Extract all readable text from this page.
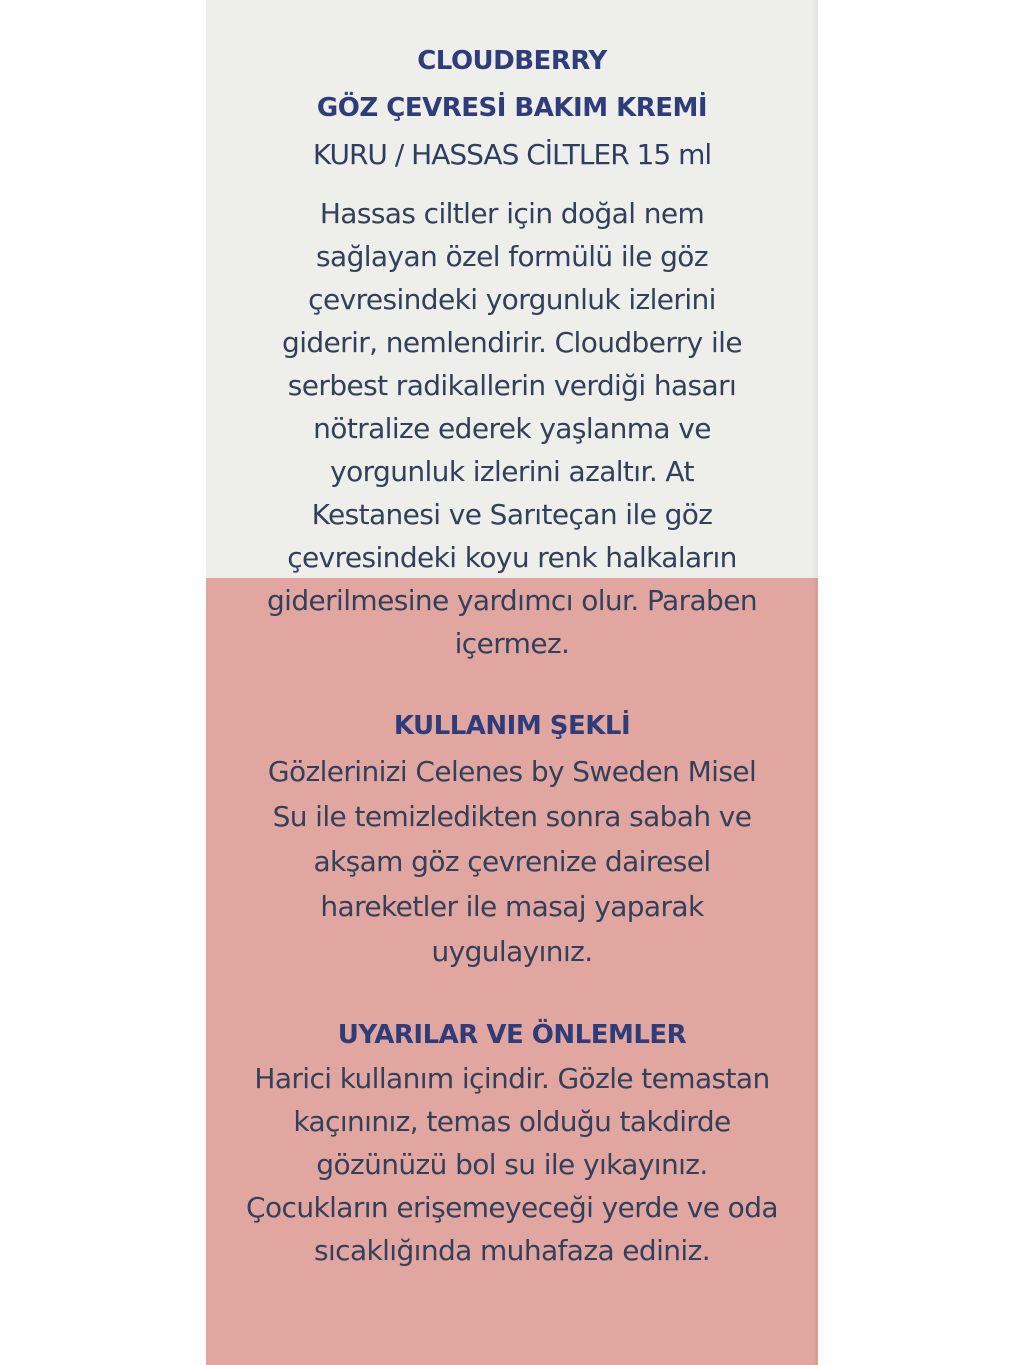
CLOUDBERRY
GÖZ ÇEVRESİ BAKIM KREMİ
KURU / HASSAS CİLTLER 15 ml
Hassas ciltler için doğal nem
sağlayan özel formülü ile göz
çevresindeki yorgunluk izlerini
giderir, nemlendirir. Cloudberry ile
serbest radikallerin verdiği hasarı
nötralize ederek yaşlanma ve
yorgunluk izlerini azaltır. At
Kestanesi ve Sarıteçan ile göz
çevresindeki koyu renk halkaların
giderilmesine yardımcı olur. Paraben
içermez.
KULLANIM ŞEKLİ
Gözlerinizi Celenes by Sweden Misel
Su ile temizledikten sonra sabah ve
akşam göz çevrenize dairesel
hareketler ile masaj yaparak
uygulayınız.
UYARILAR VE ÖNLEMLER
Harici kullanım içindir. Gözle temastan
kaçınınız, temas olduğu takdirde
gözünüzü bol su ile yıkayınız.
Çocukların erişemeyeceği yerde ve oda
sıcaklığında muhafaza ediniz.
